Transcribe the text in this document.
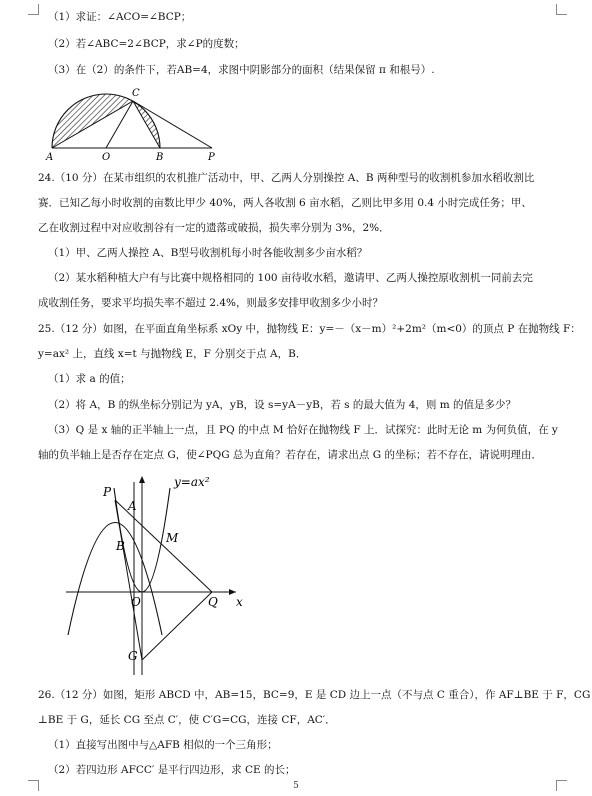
（1）求证：∠ACO=∠BCP；
（2）若∠ABC=2∠BCP，求∠P的度数；
（3）在（2）的条件下，若AB=4，求图中阴影部分的面积（结果保留 π 和根号）.
24.（10 分）在某市组织的农机推广活动中，甲、乙两人分别操控 A、B 两种型号的收割机参加水稻收割比
赛．已知乙每小时收割的亩数比甲少 40%，两人各收割 6 亩水稻，乙则比甲多用 0.4 小时完成任务；甲、
乙在收割过程中对应收割谷有一定的遗落或破损，损失率分别为 3%，2%．
（1）甲、乙两人操控 A、B型号收割机每小时各能收割多少亩水稻？
（2）某水稻种植大户有与比赛中规格相同的 100 亩待收水稻，邀请甲、乙两人操控原收割机一同前去完
成收割任务，要求平均损失率不超过 2.4%，则最多安排甲收割多少小时？
25.（12 分）如图，在平面直角坐标系 xOy 中，抛物线 E：y=－（x－m）²+2m²（m<0）的顶点 P 在抛物线 F：
y=ax² 上，直线 x=t 与抛物线 E，F 分别交于点 A，B．
（1）求 a 的值；
（2）将 A，B 的纵坐标分别记为 yA，yB，设 s=yA－yB，若 s 的最大值为 4，则 m 的值是多少？
（3）Q 是 x 轴的正半轴上一点，且 PQ 的中点 M 恰好在抛物线 F 上．试探究：此时无论 m 为何负值，在 y
轴的负半轴上是否存在定点 G，使∠PQG 总为直角？若存在，请求出点 G 的坐标；若不存在，请说明理由．
26.（12 分）如图，矩形 ABCD 中，AB=15，BC=9，E 是 CD 边上一点（不与点 C 重合），作 AF⊥BE 于 F，CG
⊥BE 于 G，延长 CG 至点 C′，使 C′G=CG，连接 CF，AC′．
（1）直接写出图中与△AFB 相似的一个三角形；
（2）若四边形 AFCC′ 是平行四边形，求 CE 的长；
A	O	B	P
C
P
A
B
M
O	Q x
G
y=ax²
5
